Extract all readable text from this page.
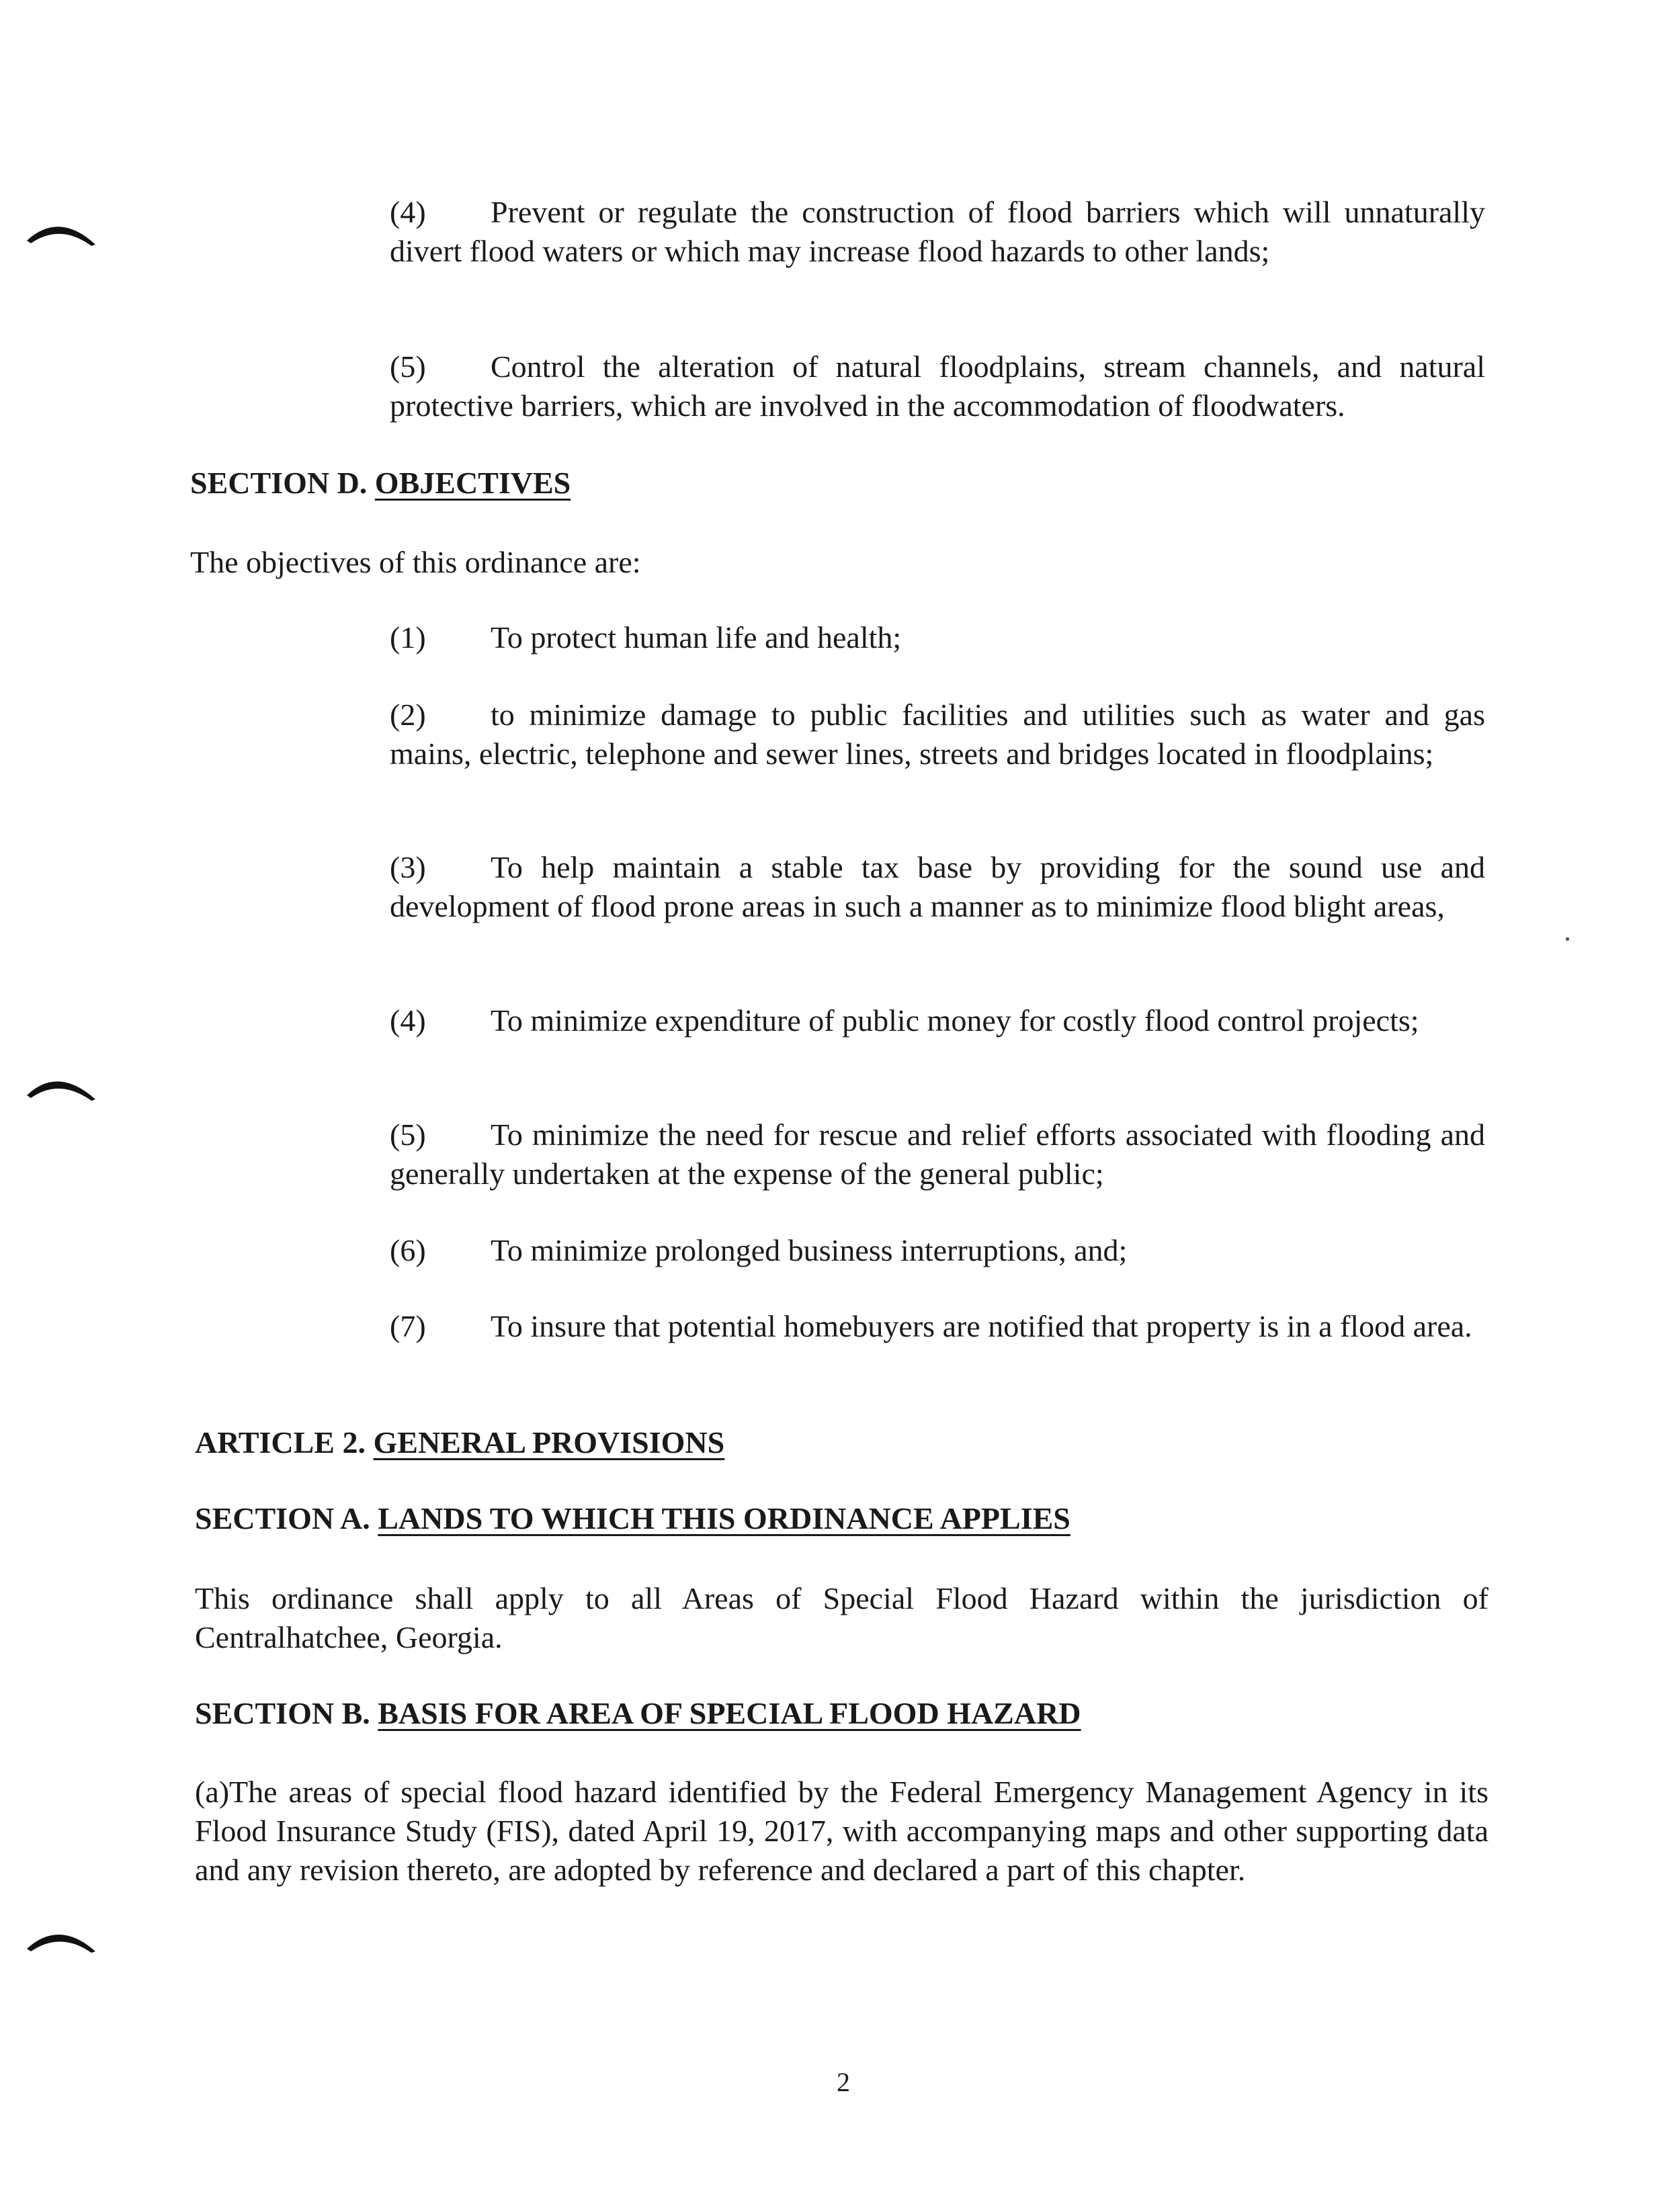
(4) Prevent or regulate the construction of flood barriers which will unnaturally divert flood waters or which may increase flood hazards to other lands;
(5) Control the alteration of natural floodplains, stream channels, and natural protective barriers, which are involved in the accommodation of floodwaters.
SECTION D. OBJECTIVES
The objectives of this ordinance are:
(1) To protect human life and health;
(2) to minimize damage to public facilities and utilities such as water and gas mains, electric, telephone and sewer lines, streets and bridges located in floodplains;
(3) To help maintain a stable tax base by providing for the sound use and development of flood prone areas in such a manner as to minimize flood blight areas,
(4) To minimize expenditure of public money for costly flood control projects;
(5) To minimize the need for rescue and relief efforts associated with flooding and generally undertaken at the expense of the general public;
(6) To minimize prolonged business interruptions, and;
(7) To insure that potential homebuyers are notified that property is in a flood area.
ARTICLE 2. GENERAL PROVISIONS
SECTION A. LANDS TO WHICH THIS ORDINANCE APPLIES
This ordinance shall apply to all Areas of Special Flood Hazard within the jurisdiction of Centralhatchee, Georgia.
SECTION B. BASIS FOR AREA OF SPECIAL FLOOD HAZARD
(a)The areas of special flood hazard identified by the Federal Emergency Management Agency in its Flood Insurance Study (FIS), dated April 19, 2017, with accompanying maps and other supporting data and any revision thereto, are adopted by reference and declared a part of this chapter.
2
